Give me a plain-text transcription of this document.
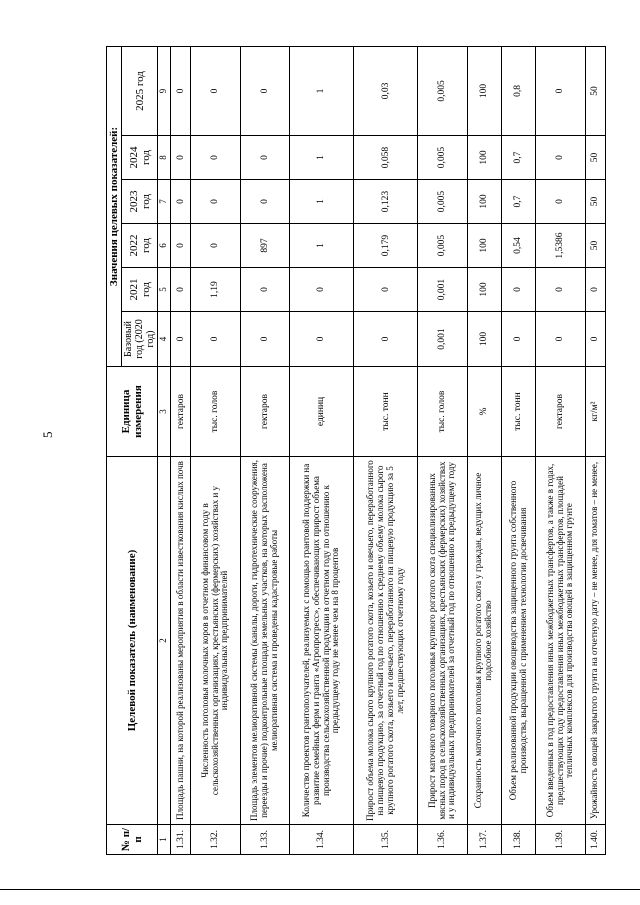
5
№ п/п	Целевой показатель (наименование)	Единица измерения	Значения целевых показателей:					
			Базовый год (2020 год)	2021 год	2022 год	2023 год	2024 год	2025 год
1	2	3	4	5	6	7	8	9
1.31.	Площадь пашни, на которой реализованы мероприятия в области известкования кислых почв	гектаров	0	0	0	0	0	0
1.32.	Численность поголовья молочных коров в отчетном финансовом году в сельскохозяйственных организациях, крестьянских (фермерских) хозяйствах и у индивидуальных предпринимателей	тыс. голов	0	1,19	0	0	0	0
1.33.	Площадь элементов мелиоративной системы (каналы, дороги, гидротехнические сооружения, переезды и прочие) подконтрольные площади земельных участков, на которых расположена мелиоративная система и проведены кадастровые работы	гектаров	0	0	897	0	0	0
1.34.	Количество проектов грантополучателей, реализуемых с помощью грантовой поддержки на развитие семейных ферм и гранта «Агропрогресс», обеспечивающих прирост объема производства сельскохозяйственной продукции в отчетном году по отношению к предыдущему году не менее чем на 8 процентов	единиц	0	0	1	1	1	1
1.35.	Прирост объема молока сырого крупного рогатого скота, козьего и овечьего, переработанного на пищевую продукцию, за отчетный год по отношению к среднему объему молока сырого крупного рогатого скота, козьего и овечьего, переработанного на пищевую продукцию за 5 лет, предшествующих отчетному году	тыс. тонн	0	0	0,179	0,123	0,058	0,03
1.36.	Прирост маточного товарного поголовья крупного рогатого скота специализированных мясных пород в сельскохозяйственных организациях, крестьянских (фермерских) хозяйствах и у индивидуальных предпринимателей за отчетный год по отношению к предыдущему году	тыс. голов	0,001	0,001	0,005	0,005	0,005	0,005
1.37.	Сохранность маточного поголовья крупного рогатого скота у граждан, ведущих личное подсобное хозяйство	%	100	100	100	100	100	100
1.38.	Объем реализованной продукции овощеводства защищенного грунта собственного производства, выращенной с применением технологии досвечивания	тыс. тонн	0	0	0,54	0,7	0,7	0,8
1.39.	Объем введенных в год предоставления иных межбюджетных трансфертов, а также в годах, предшествующих году предоставления иных межбюджетных трансфертов, площадей тепличных комплексов для производства овощей в защищенном грунте	гектаров	0	0	1,5386	0	0	0
1.40.	Урожайность овощей закрытого грунта на отчетную дату – не менее, для томатов – не менее,	кг/м²	0	0	50	50	50	50
